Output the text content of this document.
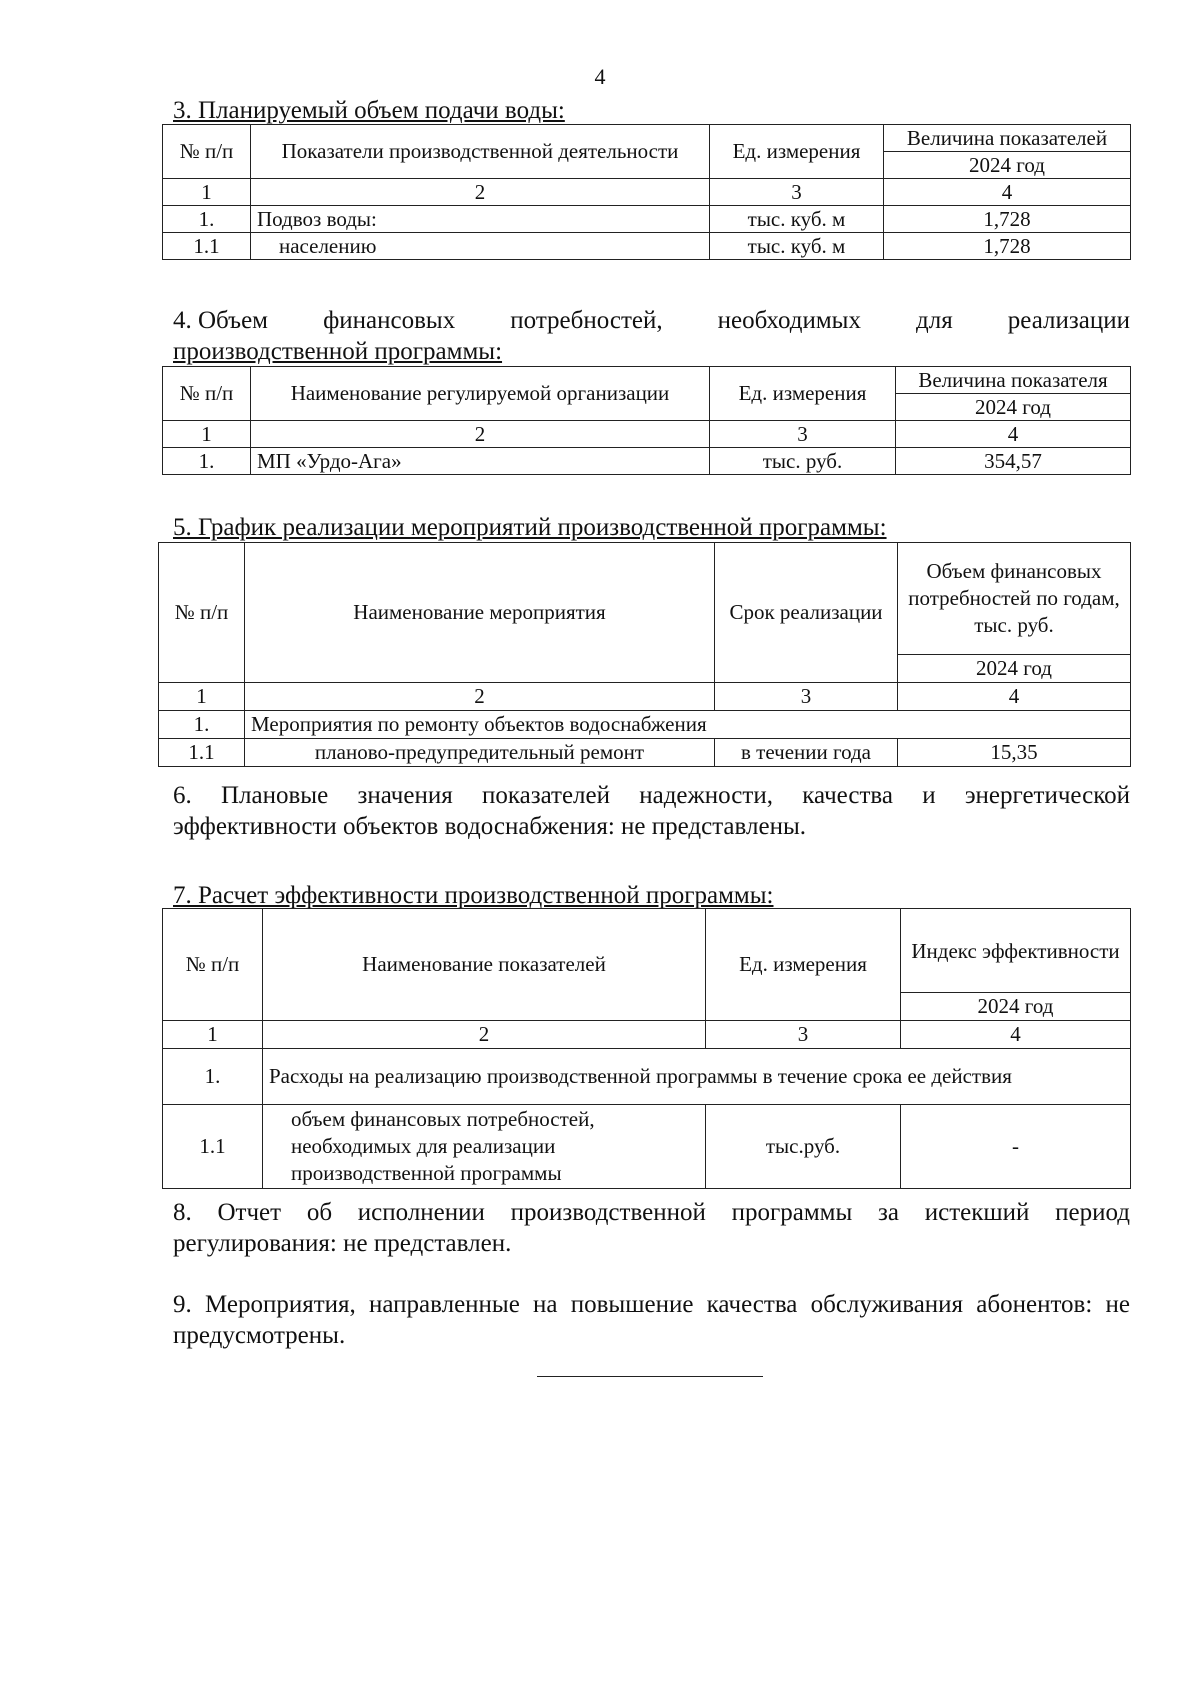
4
3. Планируемый объем подачи воды:
№ п/п	Показатели производственной деятельности	Ед. измерения	Величина показателей
			2024 год
1	2	3	4
1.	Подвоз воды:	тыс. куб. м	1,728
1.1	населению	тыс. куб. м	1,728
4. Объем финансовых потребностей, необходимых для реализации
производственной программы:
№ п/п	Наименование регулируемой организации	Ед. измерения	Величина показателя
			2024 год
1	2	3	4
1.	МП «Урдо-Ага»	тыс. руб.	354,57
5. График реализации мероприятий производственной программы:
№ п/п	Наименование мероприятия	Срок реализации	Объем финансовых потребностей по годам, тыс. руб.
			2024 год
1	2	3	4
1.	Мероприятия по ремонту объектов водоснабжения		
1.1	планово-предупредительный ремонт	в течении года	15,35
6. Плановые значения показателей надежности, качества и энергетической эффективности объектов водоснабжения: не представлены.
7. Расчет эффективности производственной программы:
№ п/п	Наименование показателей	Ед. измерения	Индекс эффективности
			2024 год
1	2	3	4
1.	Расходы на реализацию производственной программы в течение срока ее действия		
1.1	объем финансовых потребностей, необходимых для реализации производственной программы	тыс.руб.	-
8. Отчет об исполнении производственной программы за истекший период регулирования: не представлен.
9. Мероприятия, направленные на повышение качества обслуживания абонентов: не предусмотрены.
